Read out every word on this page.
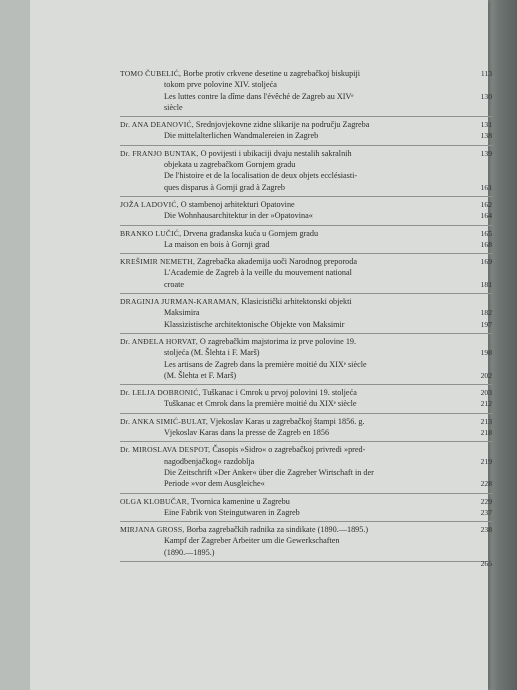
TOMO ČUBELIĆ, Borbe protiv crkvene desetine u zagrebačkoj biskupiji	113
tokom prve polovine XIV. stoljeća
Les luttes contre la dîme dans l'évêché de Zagreb au XIVᵉ	130
siècle
Dr. ANA DEANOVIĆ, Srednjovjekovne zidne slikarije na području Zagreba	131
Die mittelalterlichen Wandmalereien in Zagreb	138
Dr. FRANJO BUNTAK, O povijesti i ubikaciji dvaju nestalih sakralnih	139
objekata u zagrebačkom Gornjem gradu
De l'histoire et de la localisation de deux objets ecclésiasti-
ques disparus à Gornji grad à Zagreb	161
JOŽA LADOVIĆ, O stambenoj arhitekturi Opatovine	162
Die Wohnhausarchitektur in der »Opatovina«	164
BRANKO LUČIĆ, Drvena građanska kuća u Gornjem gradu	165
La maison en bois à Gornji grad	168
KREŠIMIR NEMETH, Zagrebačka akademija uoči Narodnog preporoda	169
L'Academie de Zagreb à la veille du mouvement national
croate	181
DRAGINJA JURMAN-KARAMAN, Klasicistički arhitektonski objekti
Maksimira	182
Klassizistische architektonische Objekte von Maksimir	197
Dr. ANĐELA HORVAT, O zagrebačkim majstorima iz prve polovine 19.
stoljeća (M. Šlehta i F. Marš)	198
Les artisans de Zagreb dans la première moitié du XIXᵉ siècle
(M. Šlehta et F. Marš)	202
Dr. LELJA DOBRONIĆ, Tuškanac i Cmrok u prvoj polovini 19. stoljeća	203
Tuškanac et Cmrok dans la première moitié du XIXᵉ siècle	212
Dr. ANKA SIMIĆ-BULAT, Vjekoslav Karas u zagrebačkoj štampi 1856. g.	213
Vjekoslav Karas dans la presse de Zagreb en 1856	218
Dr. MIROSLAVA DESPOT, Časopis »Sidro« o zagrebačkoj privredi »pred-
nagodbenjačkog« razdoblja	219
Die Zeitschrift »Der Anker« über die Zagreber Wirtschaft in der
Periode »vor dem Ausgleiche«	228
OLGA KLOBUČAR, Tvornica kamenine u Zagrebu	229
Eine Fabrik von Steingutwaren in Zagreb	237
MIRJANA GROSS, Borba zagrebačkih radnika za sindikate (1890.—1895.)	238
Kampf der Zagreber Arbeiter um die Gewerkschaften
(1890.—1895.)
265
